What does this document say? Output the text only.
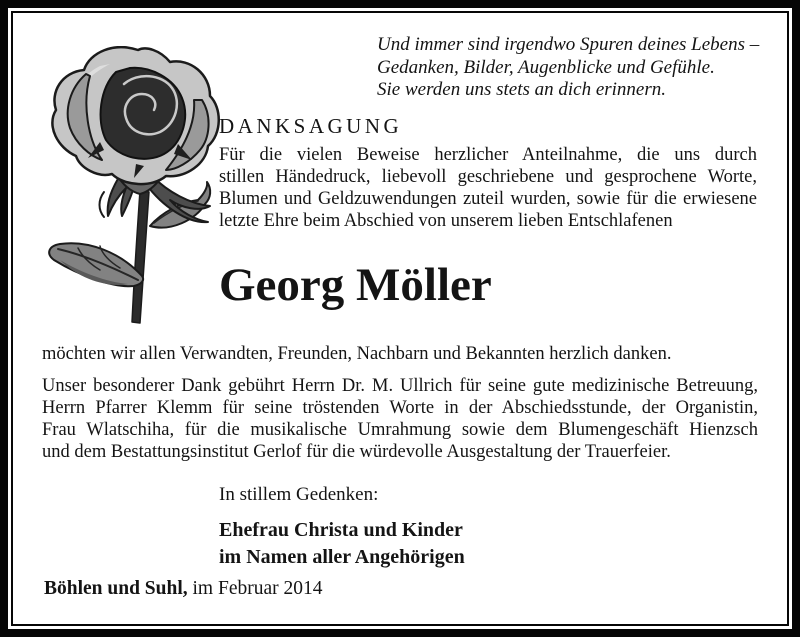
Und immer sind irgendwo Spuren deines Lebens –
Gedanken, Bilder, Augenblicke und Gefühle.
Sie werden uns stets an dich erinnern.
DANKSAGUNG
Für die vielen Beweise herzlicher Anteilnahme, die uns durch
stillen Händedruck, liebevoll geschriebene und gesprochene Worte,
Blumen und Geldzuwendungen zuteil wurden, sowie für die erwiesene
letzte Ehre beim Abschied von unserem lieben Entschlafenen
Georg Möller
möchten wir allen Verwandten, Freunden, Nachbarn und Bekannten herzlich danken.
Unser besonderer Dank gebührt Herrn Dr. M. Ullrich für seine gute medizinische Betreuung,
Herrn Pfarrer Klemm für seine tröstenden Worte in der Abschiedsstunde, der Organistin,
Frau Wlatschiha, für die musikalische Umrahmung sowie dem Blumengeschäft Hienzsch
und dem Bestattungsinstitut Gerlof für die würdevolle Ausgestaltung der Trauerfeier.
In stillem Gedenken:
Ehefrau Christa und Kinder
im Namen aller Angehörigen
Böhlen und Suhl, im Februar 2014
